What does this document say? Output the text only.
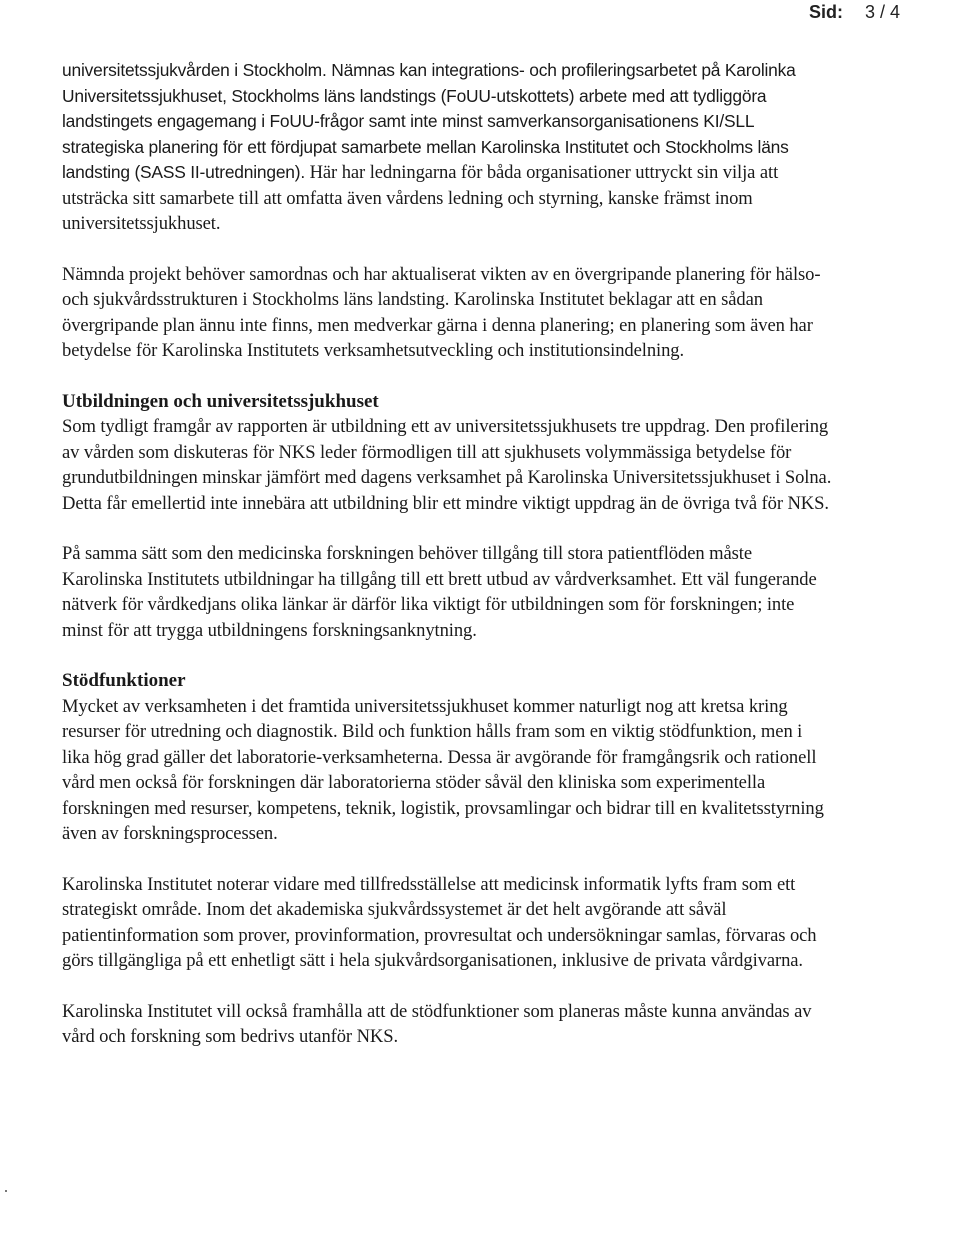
Sid: 3 / 4

universitetssjukvården i Stockholm. Nämnas kan integrations- och profileringsarbetet på Karolinka Universitetssjukhuset, Stockholms läns landstings (FoUU-utskottets) arbete med att tydliggöra landstingets engagemang i FoUU-frågor samt inte minst samverkansorganisationens KI/SLL strategiska planering för ett fördjupat samarbete mellan Karolinska Institutet och Stockholms läns landsting (SASS II-utredningen). Här har ledningarna för båda organisationer uttryckt sin vilja att utsträcka sitt samarbete till att omfatta även vårdens ledning och styrning, kanske främst inom universitetssjukhuset.

Nämnda projekt behöver samordnas och har aktualiserat vikten av en övergripande planering för hälso- och sjukvårdsstrukturen i Stockholms läns landsting. Karolinska Institutet beklagar att en sådan övergripande plan ännu inte finns, men medverkar gärna i denna planering; en planering som även har betydelse för Karolinska Institutets verksamhetsutveckling och institutionsindelning.

Utbildningen och universitetssjukhuset

Som tydligt framgår av rapporten är utbildning ett av universitetssjukhusets tre uppdrag. Den profilering av vården som diskuteras för NKS leder förmodligen till att sjukhusets volymmässiga betydelse för grundutbildningen minskar jämfört med dagens verksamhet på Karolinska Universitetssjukhuset i Solna. Detta får emellertid inte innebära att utbildning blir ett mindre viktigt uppdrag än de övriga två för NKS.

På samma sätt som den medicinska forskningen behöver tillgång till stora patientflöden måste Karolinska Institutets utbildningar ha tillgång till ett brett utbud av vårdverksamhet. Ett väl fungerande nätverk för vårdkedjans olika länkar är därför lika viktigt för utbildningen som för forskningen; inte minst för att trygga utbildningens forskningsanknytning.

Stödfunktioner

Mycket av verksamheten i det framtida universitetssjukhuset kommer naturligt nog att kretsa kring resurser för utredning och diagnostik. Bild och funktion hålls fram som en viktig stödfunktion, men i lika hög grad gäller det laboratorie-verksamheterna. Dessa är avgörande för framgångsrik och rationell vård men också för forskningen där laboratorierna stöder såväl den kliniska som experimentella forskningen med resurser, kompetens, teknik, logistik, provsamlingar och bidrar till en kvalitetsstyrning även av forskningsprocessen.

Karolinska Institutet noterar vidare med tillfredsställelse att medicinsk informatik lyfts fram som ett strategiskt område. Inom det akademiska sjukvårdssystemet är det helt avgörande att såväl patientinformation som prover, provinformation, provresultat och undersökningar samlas, förvaras och görs tillgängliga på ett enhetligt sätt i hela sjukvårdsorganisationen, inklusive de privata vårdgivarna.

Karolinska Institutet vill också framhålla att de stödfunktioner som planeras måste kunna användas av vård och forskning som bedrivs utanför NKS.
